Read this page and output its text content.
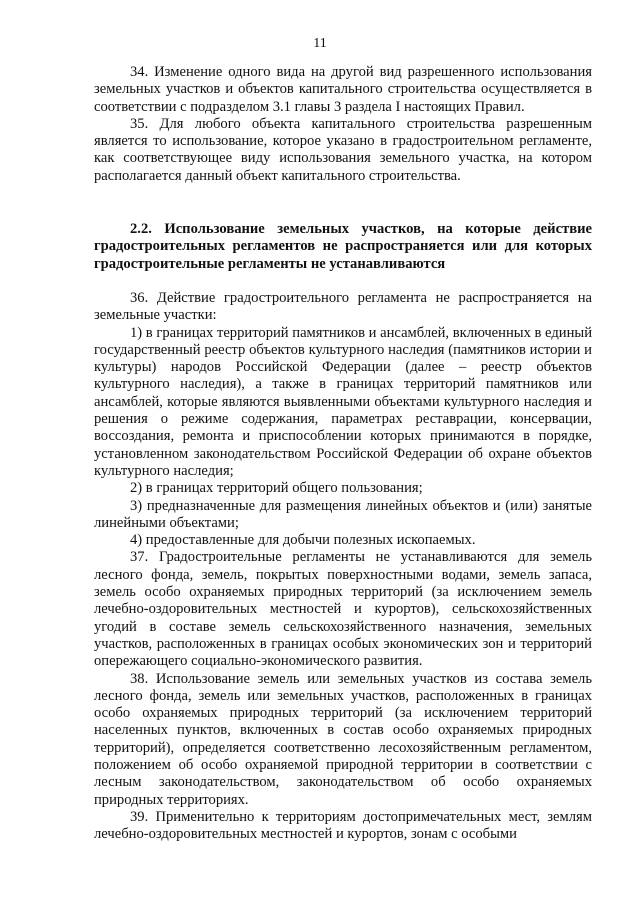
11

34. Изменение одного вида на другой вид разрешенного использования земельных участков и объектов капитального строительства осуществляется в соответствии с подразделом 3.1 главы 3 раздела I настоящих Правил.

35. Для любого объекта капитального строительства разрешенным является то использование, которое указано в градостроительном регламенте, как соответствующее виду использования земельного участка, на котором располагается данный объект капитального строительства.

2.2. Использование земельных участков, на которые действие градостроительных регламентов не распространяется или для которых градостроительные регламенты не устанавливаются

36. Действие градостроительного регламента не распространяется на земельные участки:

1) в границах территорий памятников и ансамблей, включенных в единый государственный реестр объектов культурного наследия (памятников истории и культуры) народов Российской Федерации (далее – реестр объектов культурного наследия), а также в границах территорий памятников или ансамблей, которые являются выявленными объектами культурного наследия и решения о режиме содержания, параметрах реставрации, консервации, воссоздания, ремонта и приспособлении которых принимаются в порядке, установленном законодательством Российской Федерации об охране объектов культурного наследия;

2) в границах территорий общего пользования;

3) предназначенные для размещения линейных объектов и (или) занятые линейными объектами;

4) предоставленные для добычи полезных ископаемых.

37. Градостроительные регламенты не устанавливаются для земель лесного фонда, земель, покрытых поверхностными водами, земель запаса, земель особо охраняемых природных территорий (за исключением земель лечебно-оздоровительных местностей и курортов), сельскохозяйственных угодий в составе земель сельскохозяйственного назначения, земельных участков, расположенных в границах особых экономических зон и территорий опережающего социально-экономического развития.

38. Использование земель или земельных участков из состава земель лесного фонда, земель или земельных участков, расположенных в границах особо охраняемых природных территорий (за исключением территорий населенных пунктов, включенных в состав особо охраняемых природных территорий), определяется соответственно лесохозяйственным регламентом, положением об особо охраняемой природной территории в соответствии с лесным законодательством, законодательством об особо охраняемых природных территориях.

39. Применительно к территориям достопримечательных мест, землям лечебно-оздоровительных местностей и курортов, зонам с особыми
